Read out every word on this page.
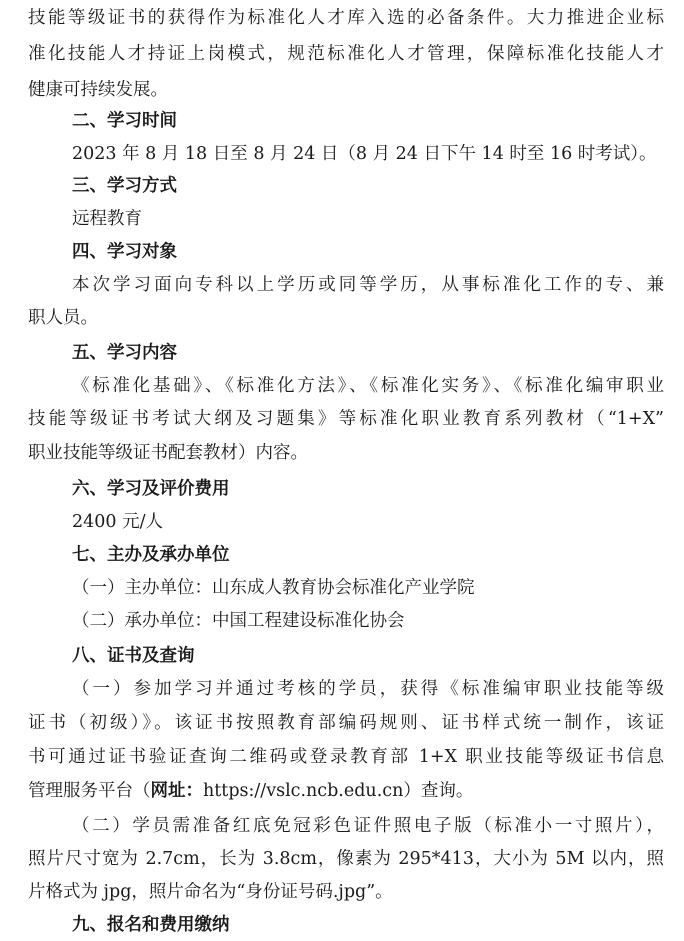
技能等级证书的获得作为标准化人才库入选的必备条件。大力推进企业标
准化技能人才持证上岗模式，规范标准化人才管理，保障标准化技能人才
健康可持续发展。
二、学习时间
2023 年 8 月 18 日至 8 月 24 日（8 月 24 日下午 14 时至 16 时考试）。
三、学习方式
远程教育
四、学习对象
本次学习面向专科以上学历或同等学历，从事标准化工作的专、兼
职人员。
五、学习内容
《标准化基础》、《标准化方法》、《标准化实务》、《标准化编审职业
技能等级证书考试大纲及习题集》等标准化职业教育系列教材（“1+X”
职业技能等级证书配套教材）内容。
六、学习及评价费用
2400 元/人
七、主办及承办单位
（一）主办单位：山东成人教育协会标准化产业学院
（二）承办单位：中国工程建设标准化协会
八、证书及查询
（一）参加学习并通过考核的学员，获得《标准编审职业技能等级
证书（初级）》。该证书按照教育部编码规则、证书样式统一制作，该证
书可通过证书验证查询二维码或登录教育部 1+X 职业技能等级证书信息
管理服务平台（网址：https://vslc.ncb.edu.cn）查询。
（二）学员需准备红底免冠彩色证件照电子版（标准小一寸照片），
照片尺寸宽为 2.7cm，长为 3.8cm，像素为 295*413，大小为 5M 以内，照
片格式为 jpg，照片命名为“身份证号码.jpg”。
九、报名和费用缴纳
